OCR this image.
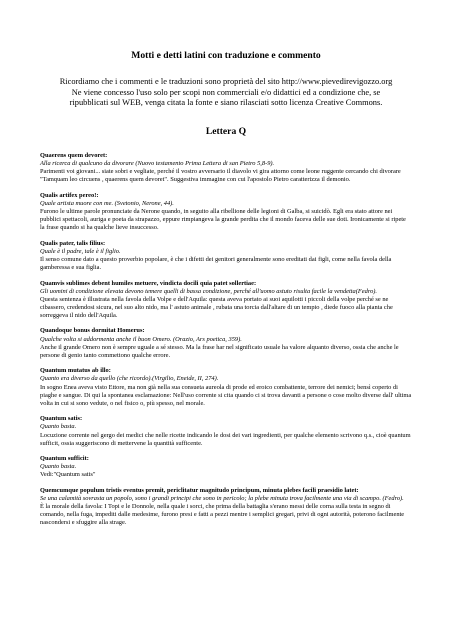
Motti e detti latini con traduzione e commento
Ricordiamo che i commenti e le traduzioni sono proprietà del sito http://www.pievedirevigozzo.org
Ne viene concesso l'uso solo per scopi non commerciali e/o didattici ed a condizione che, se
ripubblicati sul WEB, venga citata la fonte e siano rilasciati sotto licenza Creative Commons.
Lettera Q

Quaerens quem devoret:

Alla ricerca di qualcuno da divorare (Nuovo testamento Prima Lettera di san Pietro 5,8-9).

Parimenti voi giovani... siate sobri e vegliate, perché il vostro avversario il diavolo vi gira attorno come leone ruggente cercando chi divorare "Tamquam leo circuens , quaerens quem devoret". Suggestiva immagine con cui l'apostolo Pietro caratterizza il demonio.

Qualis artifex pereo!:

Quale artista muore con me. (Svetonio, Nerone, 44).

Furono le ultime parole pronunciate da Nerone quando, in seguito alla ribellione delle legioni di Galba, si suicidò. Egli era stato attore nei pubblici spettacoli, auriga e poeta da strapazzo, eppure rimpiangeva la grande perdita che il mondo faceva delle sue doti. Ironicamente si ripete la frase quando si ha qualche lieve insuccesso.

Qualis pater, talis filius:

Quale è il padre, tale è il figlio.

Il senso comune dato a questo proverbio popolare, è che i difetti dei genitori generalmente sono ereditati dai figli, come nella favola della gamberessa e sua figlia.

Quamvis sublimes debent humiles metuere, vindicta docili quia patet sollertiae:

Gli uomini di condizione elevata devono temere quelli di bassa condizione, perché all'uomo astuto risulta facile la vendetta(Fedro).

Questa sentenza è illustrata nella favola della Volpe e dell'Aquila: questa aveva portato ai suoi aquilotti i piccoli della volpe perché se ne cibassero, credendosi sicura, nel suo alto nido, ma l' astuto animale , rubata una torcia dall'altare di un tempio , diede fuoco alla pianta che sorreggeva il nido dell'Aquila.

Quandoque bonus dormitat Homerus:

Qualche volta si addormenta anche il buon Omero. (Orazio, Ars poetica, 359).

Anche il grande Omero non è sempre uguale a sé stesso. Ma la frase har nel significato usuale ha valore alquanto diverso, ossia che anche le persone di genio tanto commettono qualche errore.

Quantum mutatus ab illo:

Quanto era diverso da quello (che ricordo).(Virgilio, Eneide, II, 274).

In sogno Enea aveva visto Ettore, ma non già nella sua consueta aureola di prode ed eroico combattente, terrore dei nemici; bensì coperto di piaghe e sangue. Di qui la spontanea esclamazione: Nell'uso corrente si cita quando ci si trova davanti a persone o cose molto diverse dall' ultima volta in cui si sono vedute, o nel fisico o, più spesso, nel morale.

Quantum satis:

Quanto basta.

Locuzione corrente nel gergo dei medici che nelle ricette indicando le dosi dei vari ingredienti, per qualche elemento scrivono q.s., cioè quantum sufficit, ossia suggeriscono di mettervene la quantità sufficente.

Quantum sufficit:

Quanto basta.

Vedi:"Quantum satis"

Quemcumque populum tristis eventus premit, periclitatur magnitudo principum, minuta plebes facili praesidio latet:

Se una calamità sovrasta un popolo, sono i grandi principi che sono in pericolo; la plebe minuta trova facilmente una via di scampo. (Fedro).

È la morale della favola: I Topi e le Donnole, nella quale i sorci, che prima della battaglia s'erano messi delle corna sulla testa in segno di comando, nella fuga, impediti dalle medesime, furono presi e fatti a pezzi mentre i semplici gregari, privi di ogni autorità, poterono facilmente nascondersi e sfuggire alla strage.
